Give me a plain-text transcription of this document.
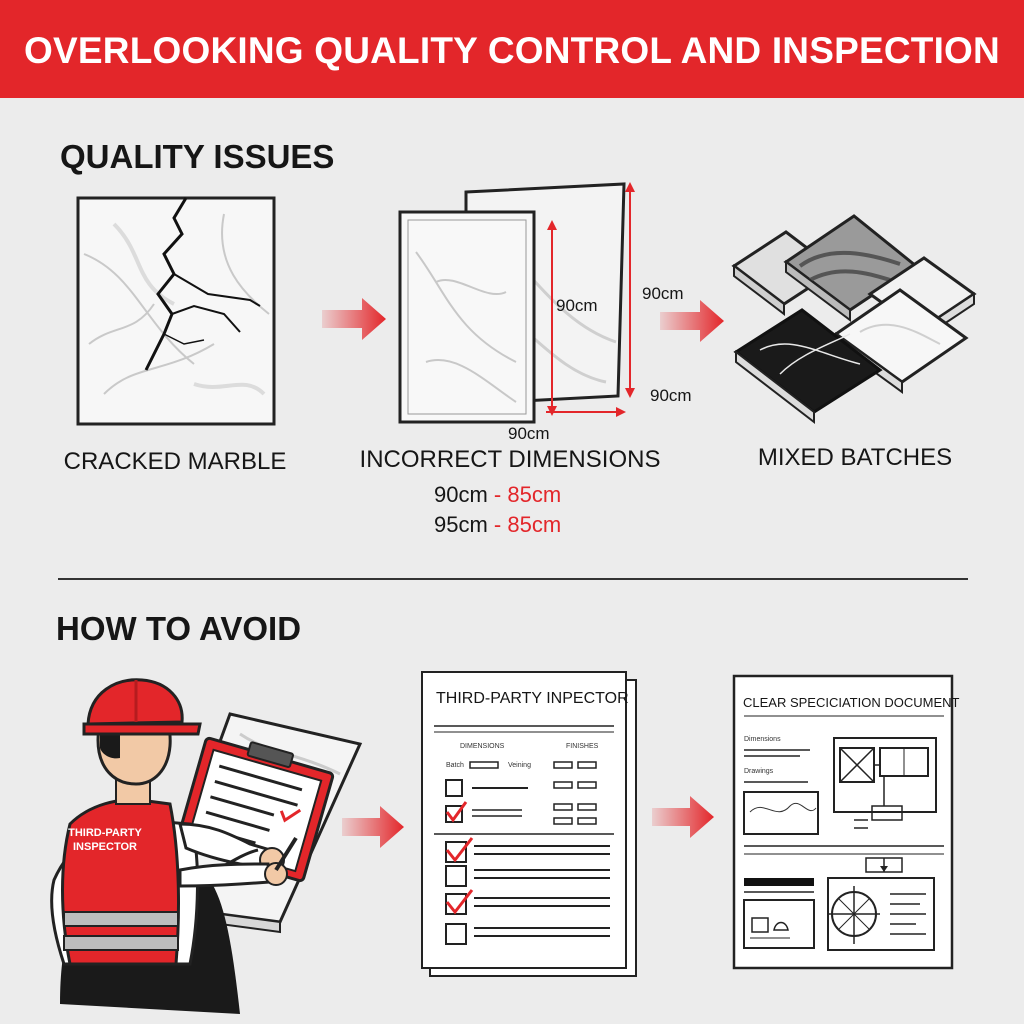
OVERLOOKING QUALITY CONTROL AND INSPECTION
QUALITY ISSUES
CRACKED MARBLE
90cm
90cm
90cm
90cm
INCORRECT DIMENSIONS
90cm - 85cm
95cm - 85cm
MIXED BATCHES
HOW TO AVOID
THIRD-PARTY
INSPECTOR
THIRD-PARTY INPECTOR
DIMENSIONS	FINISHES
Batch	Veining
CLEAR SPECICIATION DOCUMENT
Dimensions
Drawings
